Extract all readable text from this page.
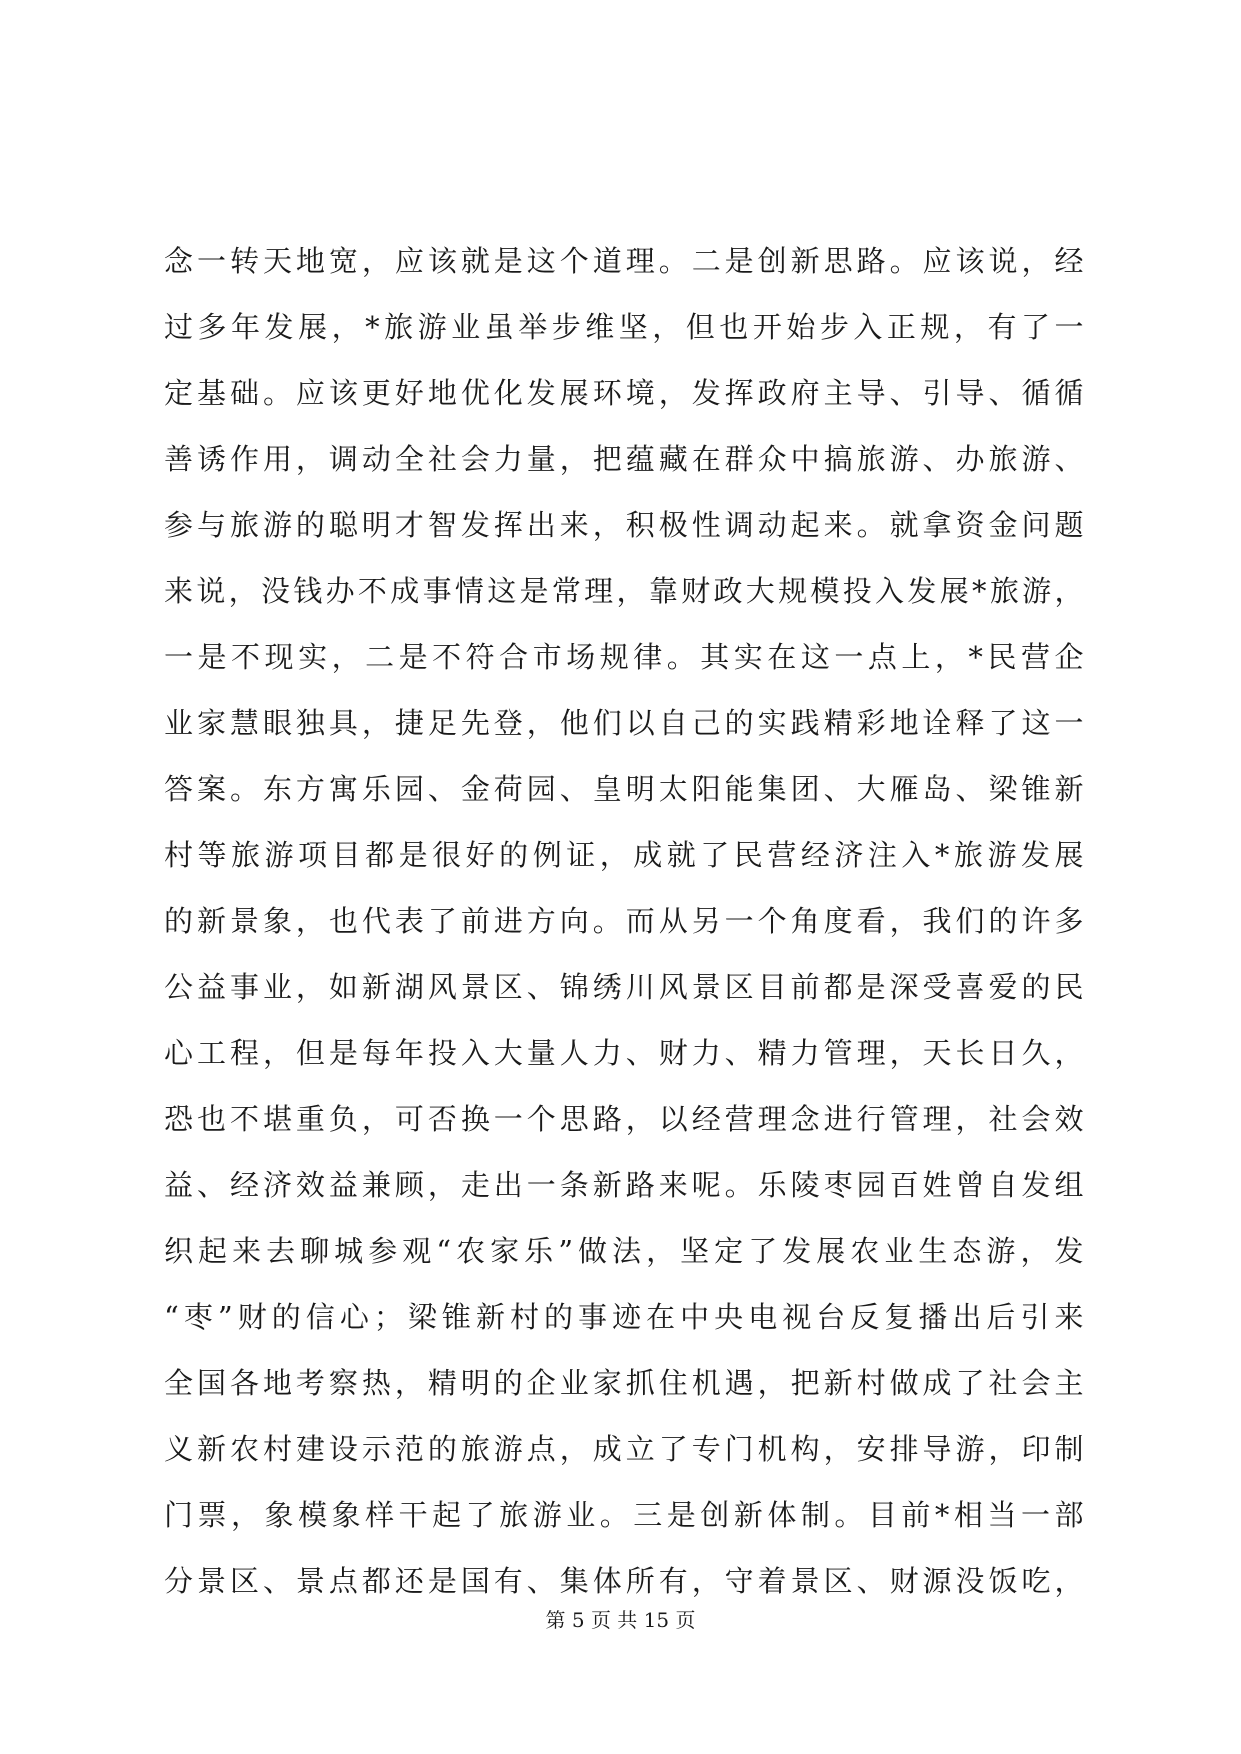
念一转天地宽，应该就是这个道理。二是创新思路。应该说，经
过多年发展，*旅游业虽举步维坚，但也开始步入正规，有了一
定基础。应该更好地优化发展环境，发挥政府主导、引导、循循
善诱作用，调动全社会力量，把蕴藏在群众中搞旅游、办旅游、
参与旅游的聪明才智发挥出来，积极性调动起来。就拿资金问题
来说，没钱办不成事情这是常理，靠财政大规模投入发展*旅游，
一是不现实，二是不符合市场规律。其实在这一点上，*民营企
业家慧眼独具，捷足先登，他们以自己的实践精彩地诠释了这一
答案。东方寓乐园、金荷园、皇明太阳能集团、大雁岛、梁锥新
村等旅游项目都是很好的例证，成就了民营经济注入*旅游发展
的新景象，也代表了前进方向。而从另一个角度看，我们的许多
公益事业，如新湖风景区、锦绣川风景区目前都是深受喜爱的民
心工程，但是每年投入大量人力、财力、精力管理，天长日久，
恐也不堪重负，可否换一个思路，以经营理念进行管理，社会效
益、经济效益兼顾，走出一条新路来呢。乐陵枣园百姓曾自发组
织起来去聊城参观“农家乐”做法，坚定了发展农业生态游，发
“枣”财的信心；梁锥新村的事迹在中央电视台反复播出后引来
全国各地考察热，精明的企业家抓住机遇，把新村做成了社会主
义新农村建设示范的旅游点，成立了专门机构，安排导游，印制
门票，象模象样干起了旅游业。三是创新体制。目前*相当一部
分景区、景点都还是国有、集体所有，守着景区、财源没饭吃，
第 5 页 共 15 页
